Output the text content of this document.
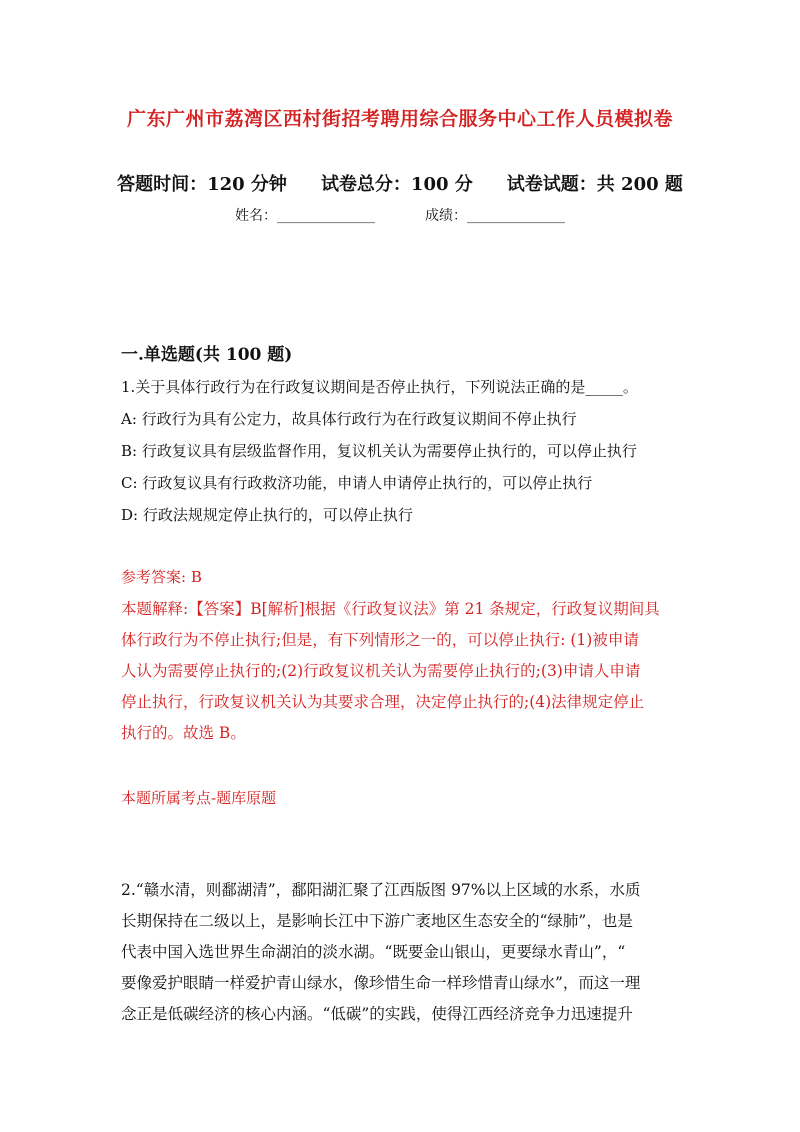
广东广州市荔湾区西村街招考聘用综合服务中心工作人员模拟卷
答题时间：120 分钟 试卷总分：100 分 试卷试题：共 200 题
姓名：______________	成绩：______________
一.单选题(共 100 题)
1.关于具体行政行为在行政复议期间是否停止执行，下列说法正确的是_____。
A: 行政行为具有公定力，故具体行政行为在行政复议期间不停止执行
B: 行政复议具有层级监督作用，复议机关认为需要停止执行的，可以停止执行
C: 行政复议具有行政救济功能，申请人申请停止执行的，可以停止执行
D: 行政法规规定停止执行的，可以停止执行
参考答案: B
本题解释:【答案】B[解析]根据《行政复议法》第 21 条规定，行政复议期间具
体行政行为不停止执行;但是，有下列情形之一的，可以停止执行: (1)被申请
人认为需要停止执行的;(2)行政复议机关认为需要停止执行的;(3)申请人申请
停止执行，行政复议机关认为其要求合理，决定停止执行的;(4)法律规定停止
执行的。故选 B。
本题所属考点-题库原题
2.“赣水清，则鄱湖清”，鄱阳湖汇聚了江西版图 97%以上区域的水系，水质
长期保持在二级以上，是影响长江中下游广袤地区生态安全的“绿肺”，也是
代表中国入选世界生命湖泊的淡水湖。“既要金山银山，更要绿水青山”，“
要像爱护眼睛一样爱护青山绿水，像珍惜生命一样珍惜青山绿水”，而这一理
念正是低碳经济的核心内涵。“低碳”的实践，使得江西经济竞争力迅速提升
